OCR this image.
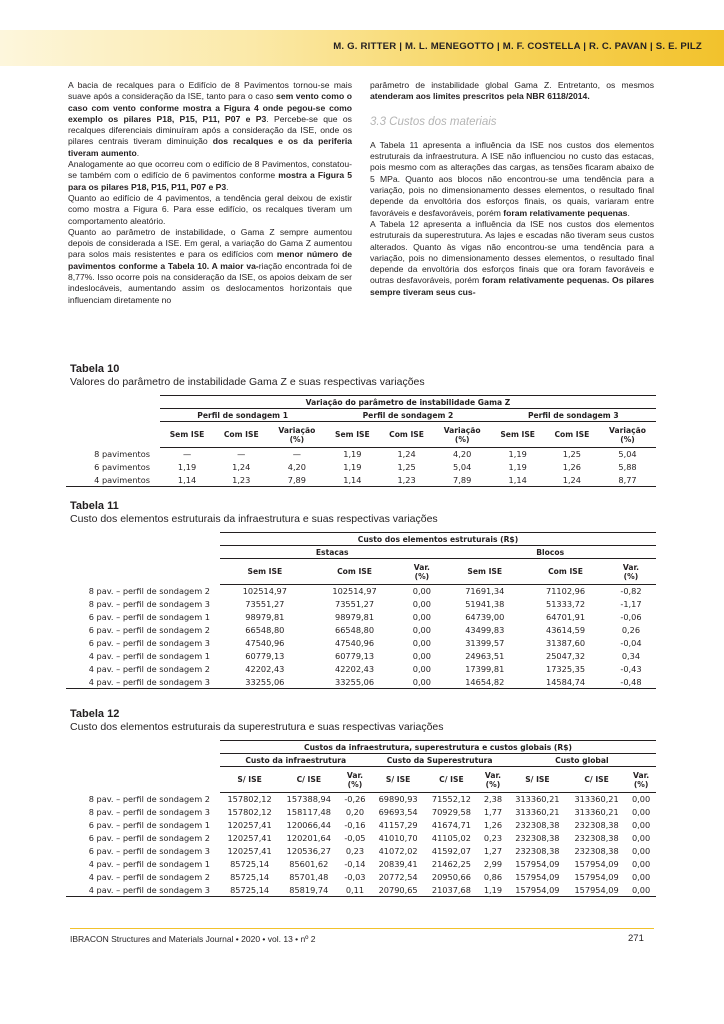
M. G. RITTER | M. L. MENEGOTTO | M. F. COSTELLA | R. C. PAVAN | S. E. PILZ

A bacia de recalques para o Edifício de 8 Pavimentos tornou-se mais suave após a consideração da ISE, tanto para o caso sem vento como o caso com vento conforme mostra a Figura 4 onde pegou-se como exemplo os pilares P18, P15, P11, P07 e P3. Percebe-se que os recalques diferenciais diminuíram após a consideração da ISE, onde os pilares centrais tiveram diminuição dos recalques e os da periferia tiveram aumento.

Analogamente ao que ocorreu com o edifício de 8 Pavimentos, constatou-se também com o edifício de 6 pavimentos conforme mostra a Figura 5 para os pilares P18, P15, P11, P07 e P3.

Quanto ao edifício de 4 pavimentos, a tendência geral deixou de existir como mostra a Figura 6. Para esse edifício, os recalques tiveram um comportamento aleatório.

Quanto ao parâmetro de instabilidade, o Gama Z sempre aumentou depois de considerada a ISE. Em geral, a variação do Gama Z aumentou para solos mais resistentes e para os edifícios com menor número de pavimentos conforme a Tabela 10. A maior va-riação encontrada foi de 8,77%. Isso ocorre pois na consideração da ISE, os apoios deixam de ser indeslocáveis, aumentando assim os deslocamentos horizontais que influenciam diretamente no

parâmetro de instabilidade global Gama Z. Entretanto, os mesmos atenderam aos limites prescritos pela NBR 6118/2014.

3.3 Custos dos materiais

A Tabela 11 apresenta a influência da ISE nos custos dos elementos estruturais da infraestrutura. A ISE não influenciou no custo das estacas, pois mesmo com as alterações das cargas, as tensões ficaram abaixo de 5 MPa. Quanto aos blocos não encontrou-se uma tendência para a variação, pois no dimensionamento desses elementos, o resultado final depende da envoltória dos esforços finais, os quais, variaram entre favoráveis e desfavoráveis, porém foram relativamente pequenas.

A Tabela 12 apresenta a influência da ISE nos custos dos elementos estruturais da superestrutura. As lajes e escadas não tiveram seus custos alterados. Quanto às vigas não encontrou-se uma tendência para a variação, pois no dimensionamento desses elementos, o resultado final depende da envoltória dos esforços finais que ora foram favoráveis e outras desfavoráveis, porém foram relativamente pequenas. Os pilares sempre tiveram seus cus-

Tabela 10
Valores do parâmetro de instabilidade Gama Z e suas respectivas variações
	Variação do parâmetro de instabilidade Gama Z								
	Perfil de sondagem 1			Perfil de sondagem 2			Perfil de sondagem 3		
	Sem ISE	Com ISE	Variação
(%)	Sem ISE	Com ISE	Variação
(%)	Sem ISE	Com ISE	Variação
(%)
8 pavimentos	—	—	—	1,19	1,24	4,20	1,19	1,25	5,04
6 pavimentos	1,19	1,24	4,20	1,19	1,25	5,04	1,19	1,26	5,88
4 pavimentos	1,14	1,23	7,89	1,14	1,23	7,89	1,14	1,24	8,77
Tabela 11
Custo dos elementos estruturais da infraestrutura e suas respectivas variações
	Custo dos elementos estruturais (R$)					
	Estacas			Blocos		
	Sem ISE	Com ISE	Var.
(%)	Sem ISE	Com ISE	Var.
(%)
8 pav. – perfil de sondagem 2	102514,97	102514,97	0,00	71691,34	71102,96	-0,82
8 pav. – perfil de sondagem 3	73551,27	73551,27	0,00	51941,38	51333,72	-1,17
6 pav. – perfil de sondagem 1	98979,81	98979,81	0,00	64739,00	64701,91	-0,06
6 pav. – perfil de sondagem 2	66548,80	66548,80	0,00	43499,83	43614,59	0,26
6 pav. – perfil de sondagem 3	47540,96	47540,96	0,00	31399,57	31387,60	-0,04
4 pav. – perfil de sondagem 1	60779,13	60779,13	0,00	24963,51	25047,32	0,34
4 pav. – perfil de sondagem 2	42202,43	42202,43	0,00	17399,81	17325,35	-0,43
4 pav. – perfil de sondagem 3	33255,06	33255,06	0,00	14654,82	14584,74	-0,48
Tabela 12
Custo dos elementos estruturais da superestrutura e suas respectivas variações
	Custos da infraestrutura, superestrutura e custos globais (R$)								
	Custo da infraestrutura			Custo da Superestrutura			Custo global		
	S/ ISE	C/ ISE	Var.
(%)	S/ ISE	C/ ISE	Var.
(%)	S/ ISE	C/ ISE	Var.
(%)
8 pav. – perfil de sondagem 2	157802,12	157388,94	-0,26	69890,93	71552,12	2,38	313360,21	313360,21	0,00
8 pav. – perfil de sondagem 3	157802,12	158117,48	0,20	69693,54	70929,58	1,77	313360,21	313360,21	0,00
6 pav. – perfil de sondagem 1	120257,41	120066,44	-0,16	41157,29	41674,71	1,26	232308,38	232308,38	0,00
6 pav. – perfil de sondagem 2	120257,41	120201,64	-0,05	41010,70	41105,02	0,23	232308,38	232308,38	0,00
6 pav. – perfil de sondagem 3	120257,41	120536,27	0,23	41072,02	41592,07	1,27	232308,38	232308,38	0,00
4 pav. – perfil de sondagem 1	85725,14	85601,62	-0,14	20839,41	21462,25	2,99	157954,09	157954,09	0,00
4 pav. – perfil de sondagem 2	85725,14	85701,48	-0,03	20772,54	20950,66	0,86	157954,09	157954,09	0,00
4 pav. – perfil de sondagem 3	85725,14	85819,74	0,11	20790,65	21037,68	1,19	157954,09	157954,09	0,00
IBRACON Structures and Materials Journal • 2020 • vol. 13 • nº 2	271
